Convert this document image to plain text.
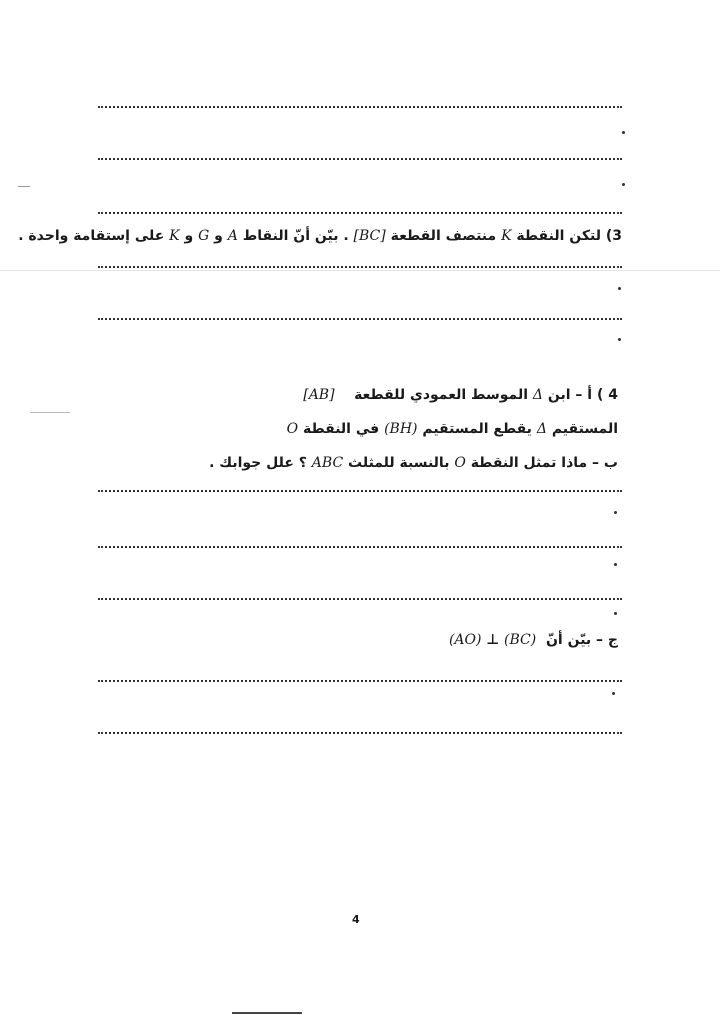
3) لتكن النقطة K منتصف القطعة [BC] . بيّن أنّ النقاط A و G و K على إستقامة واحدة .
4 ) أ – ابن Δ الموسط العمودي للقطعة    [AB]
المستقيم Δ يقطع المستقيم (BH) في النقطة O
ب – ماذا تمثل النقطة O بالنسبة للمثلث ABC ؟ علل جوابك .
ج – بيّن أنّ   (AO) ⊥ (BC)
4
